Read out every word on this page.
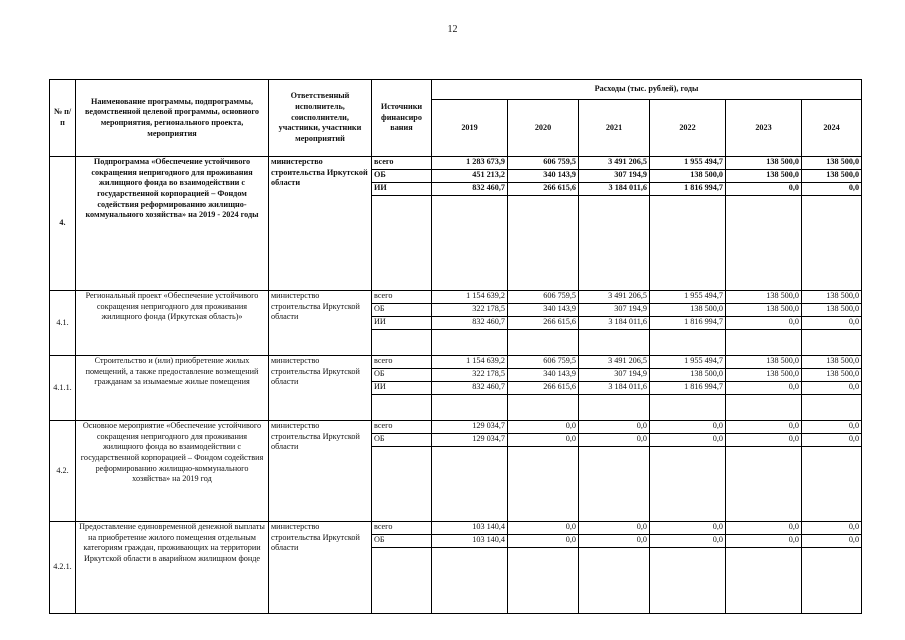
12
№ п/п	Наименование программы, подпрограммы, ведомственной целевой программы, основного мероприятия, регионального проекта, мероприятия	Ответственный исполнитель, соисполнители, участники, участники мероприятий	Источники финансиро вания	Расходы (тыс. рублей), годы					
				2019	2020	2021	2022	2023	2024
4.	Подпрограмма «Обеспечение устойчивого сокращения непригодного для проживания жилищного фонда во взаимодействии с государственной корпорацией – Фондом содействия реформированию жилищно-коммунального хозяйства» на 2019 - 2024 годы	министерство строительства Иркутской области	всего	1 283 673,9	606 759,5	3 491 206,5	1 955 494,7	138 500,0	138 500,0
			ОБ	451 213,2	340 143,9	307 194,9	138 500,0	138 500,0	138 500,0
			ИИ	832 460,7	266 615,6	3 184 011,6	1 816 994,7	0,0	0,0

4.1.	Региональный проект «Обеспечение устойчивого сокращения непригодного для проживания жилищного фонда (Иркутская область)»	министерство строительства Иркутской области	всего	1 154 639,2	606 759,5	3 491 206,5	1 955 494,7	138 500,0	138 500,0
			ОБ	322 178,5	340 143,9	307 194,9	138 500,0	138 500,0	138 500,0
			ИИ	832 460,7	266 615,6	3 184 011,6	1 816 994,7	0,0	0,0

4.1.1.	Строительство и (или) приобретение жилых помещений, а также предоставление возмещений гражданам за изымаемые жилые помещения	министерство строительства Иркутской области	всего	1 154 639,2	606 759,5	3 491 206,5	1 955 494,7	138 500,0	138 500,0
			ОБ	322 178,5	340 143,9	307 194,9	138 500,0	138 500,0	138 500,0
			ИИ	832 460,7	266 615,6	3 184 011,6	1 816 994,7	0,0	0,0

4.2.	Основное мероприятие «Обеспечение устойчивого сокращения непригодного для проживания жилищного фонда во взаимодействии с государственной корпорацией – Фондом содействия реформированию жилищно-коммунального хозяйства» на 2019 год	министерство строительства Иркутской области	всего	129 034,7	0,0	0,0	0,0	0,0	0,0
			ОБ	129 034,7	0,0	0,0	0,0	0,0	0,0

4.2.1.	Предоставление единовременной денежной выплаты на приобретение жилого помещения отдельным категориям граждан, проживающих на территории Иркутской области в аварийном жилищном фонде	министерство строительства Иркутской области	всего	103 140,4	0,0	0,0	0,0	0,0	0,0
			ОБ	103 140,4	0,0	0,0	0,0	0,0	0,0
